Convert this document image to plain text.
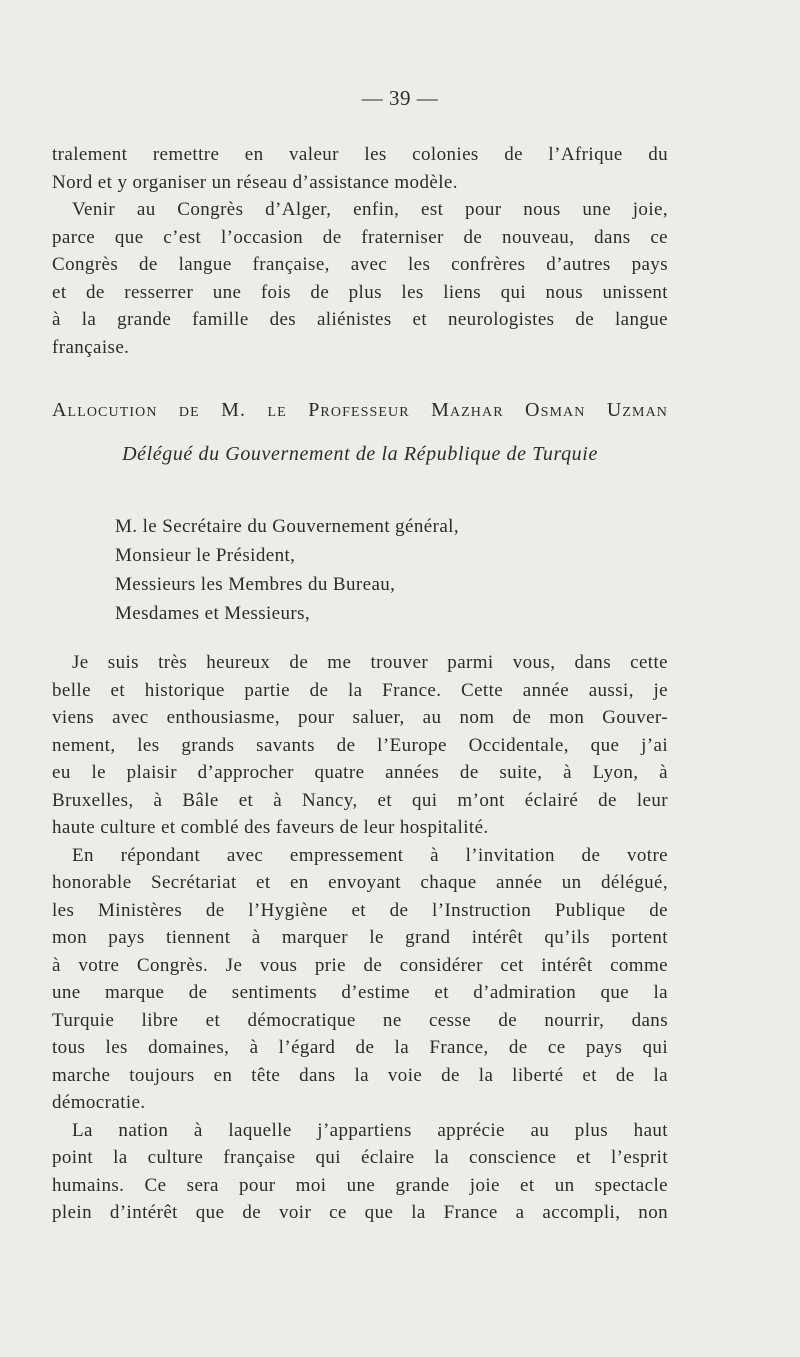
— 39 —
tralement remettre en valeur les colonies de l’Afrique du
Nord et y organiser un réseau d’assistance modèle.
Venir au Congrès d’Alger, enfin, est pour nous une joie,
parce que c’est l’occasion de fraterniser de nouveau, dans ce
Congrès de langue française, avec les confrères d’autres pays
et de resserrer une fois de plus les liens qui nous unissent
à la grande famille des aliénistes et neurologistes de langue
française.
Allocution de M. le Professeur Mazhar Osman Uzman
Délégué du Gouvernement de la République de Turquie
M. le Secrétaire du Gouvernement général,
Monsieur le Président,
Messieurs les Membres du Bureau,
Mesdames et Messieurs,
Je suis très heureux de me trouver parmi vous, dans cette
belle et historique partie de la France. Cette année aussi, je
viens avec enthousiasme, pour saluer, au nom de mon Gouver-
nement, les grands savants de l’Europe Occidentale, que j’ai
eu le plaisir d’approcher quatre années de suite, à Lyon, à
Bruxelles, à Bâle et à Nancy, et qui m’ont éclairé de leur
haute culture et comblé des faveurs de leur hospitalité.
En répondant avec empressement à l’invitation de votre
honorable Secrétariat et en envoyant chaque année un délégué,
les Ministères de l’Hygiène et de l’Instruction Publique de
mon pays tiennent à marquer le grand intérêt qu’ils portent
à votre Congrès. Je vous prie de considérer cet intérêt comme
une marque de sentiments d’estime et d’admiration que la
Turquie libre et démocratique ne cesse de nourrir, dans
tous les domaines, à l’égard de la France, de ce pays qui
marche toujours en tête dans la voie de la liberté et de la
démocratie.
La nation à laquelle j’appartiens apprécie au plus haut
point la culture française qui éclaire la conscience et l’esprit
humains. Ce sera pour moi une grande joie et un spectacle
plein d’intérêt que de voir ce que la France a accompli, non
